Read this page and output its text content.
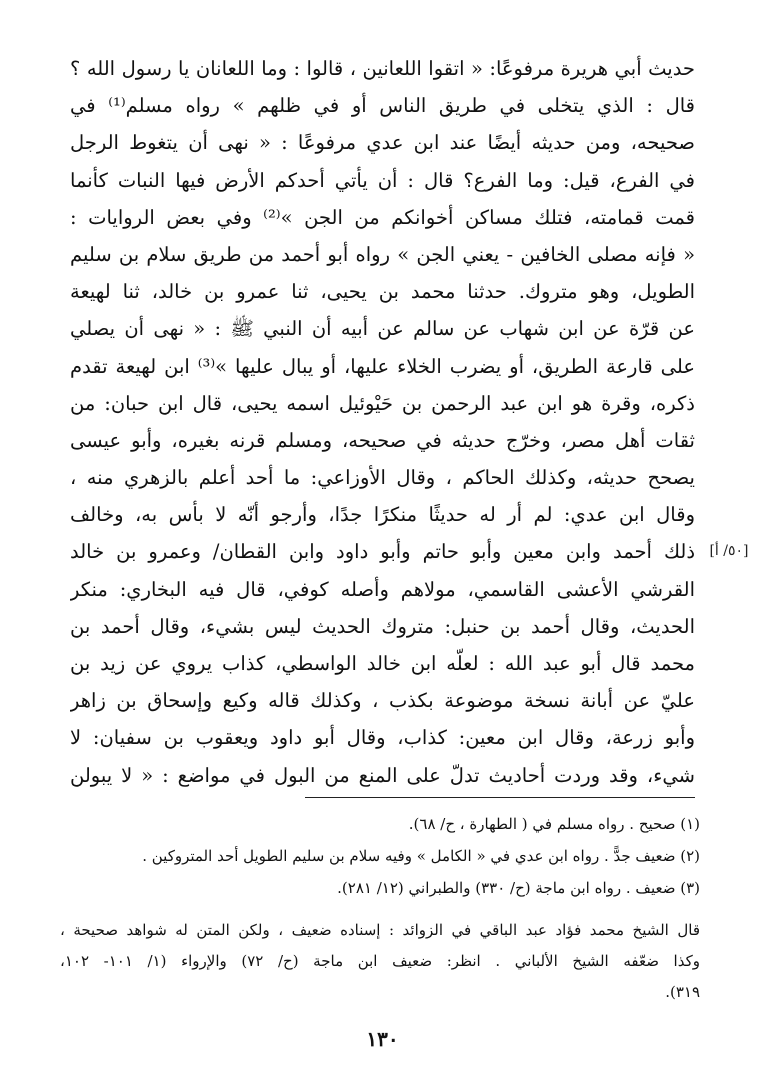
حديث أبي هريرة مرفوعًا: « اتقوا اللعانين ، قالوا : وما اللعانان يا رسول الله ؟
قال : الذي يتخلى في طريق الناس أو في ظلهم » رواه مسلم⁽¹⁾ في
صحيحه، ومن حديثه أيضًا عند ابن عدي مرفوعًا : « نهى أن يتغوط الرجل
في الفرع، قيل: وما الفرع؟ قال : أن يأتي أحدكم الأرض فيها النبات كأنما
قمت قمامته، فتلك مساكن أخوانكم من الجن »⁽²⁾ وفي بعض الروايات :
« فإنه مصلى الخافين - يعني الجن » رواه أبو أحمد من طريق سلام بن سليم
الطويل، وهو متروك. حدثنا محمد بن يحيى، ثنا عمرو بن خالد، ثنا لهيعة
عن قرّة عن ابن شهاب عن سالم عن أبيه أن النبي ﷺ : « نهى أن يصلي
على قارعة الطريق، أو يضرب الخلاء عليها، أو يبال عليها »⁽³⁾ ابن لهيعة تقدم
ذكره، وقرة هو ابن عبد الرحمن بن حَيْوئيل اسمه يحيى، قال ابن حبان: من
ثقات أهل مصر، وخرّج حديثه في صحيحه، ومسلم قرنه بغيره، وأبو عيسى
يصحح حديثه، وكذلك الحاكم ، وقال الأوزاعي: ما أحد أعلم بالزهري منه ،
وقال ابن عدي: لم أر له حديثًا منكرًا جدًا، وأرجو أنّه لا بأس به، وخالف
ذلك أحمد وابن معين وأبو حاتم وأبو داود وابن القطان/ وعمرو بن خالد
القرشي الأعشى القاسمي، مولاهم وأصله كوفي، قال فيه البخاري: منكر
الحديث، وقال أحمد بن حنبل: متروك الحديث ليس بشيء، وقال أحمد بن
محمد قال أبو عبد الله : لعلّه ابن خالد الواسطي، كذاب يروي عن زيد بن
عليّ عن أبانة نسخة موضوعة بكذب ، وكذلك قاله وكيع وإسحاق بن زاهر
وأبو زرعة، وقال ابن معين: كذاب، وقال أبو داود ويعقوب بن سفيان: لا
شيء، وقد وردت أحاديث تدلّ على المنع من البول في مواضع : « لا يبولن
[٥٠/ أ]
(١) صحيح . رواه مسلم في ( الطهارة ، ح/ ٦٨).
(٢) ضعيف جدًّ . رواه ابن عدي في « الكامل » وفيه سلام بن سليم الطويل أحد المتروكين .
(٣) ضعيف . رواه ابن ماجة (ح/ ٣٣٠) والطبراني (١٢/ ٢٨١).
قال الشيخ محمد فؤاد عبد الباقي في الزوائد : إسناده ضعيف ، ولكن المتن له شواهد صحيحة ،
وكذا ضعّفه الشيخ الألباني . انظر: ضعيف ابن ماجة (ح/ ٧٢) والإرواء (١/ ١٠١- ١٠٢،
٣١٩).
١٣٠
